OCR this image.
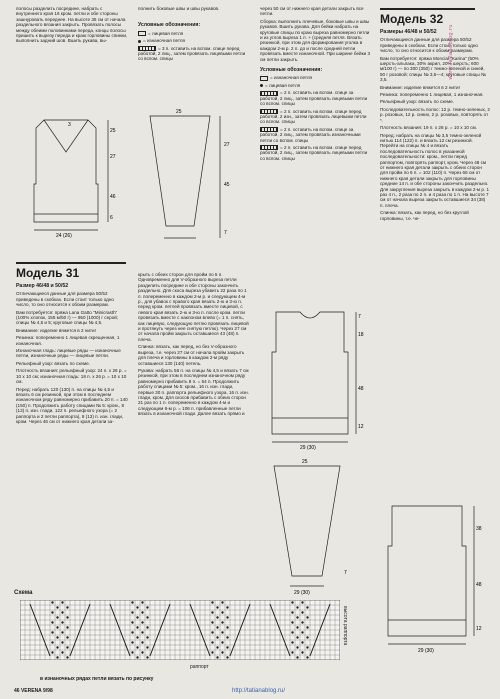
полосы разделить посредине, набрать с внутреннего края 16 кром. петли и обе стороны зашнуровать переднее. На высоте 35 см от начала раздельного вязания закрыть. Провязать полосы между обеими половинками переда, концы полосы пришить к вырезу переда и краю горловины спинки, выполнить задний шов. Вшить рукава, вы-

3
25
27
46
6
24 (26)

полнить боковые швы и швы рукавов.

Условные обозначения:

= лицевая петля

= изнаночная петля

= 3 п. оставить на вспом. спице перед работой, 2 лиц., затем провязать лицевыми петли со вспом. спицы

25
27
45
7

через 50 см от нижнего края детали закрыть все петли.

Сборка: выполнить плечевые, боковые швы и швы рукавов. Вшить рукава. Для бейки набрать на круговые спицы по краю выреза равномерно петли и из углов выреза 1 п. + (средняя петля. Вязать резинкой, при этом для формирования уголка в каждом 2-м р. 2 п. до и после средней петли провязать вместе изнаночной. При ширине бейки 3 см петли закрыть.

Условные обозначения:

= изнаночная петля

= лицевая петля

= 2 п. оставить на вспом. спице за работой, 2 лиц., затем провязать лицевыми петли со вспом. спицы

= 2 п. оставить на вспом. спице перед работой, 2 изн., затем провязать лицевыми петли со вспом. спицы

= 2 п. оставить на вспом. спице за работой, 2 лиц., затем провязать изнаночными петли со вспом. спицы

= 2 п. оставить на вспом. спице перед работой, 2 лиц., затем провязать лицевыми петли со вспом. спицы

Модель 32

Размеры 46/48 и 50/52

Отличающиеся данные для размера 50/52 приведены в скобках. Если стоит только одно число, то оно относится к обоим размерам.

Вам потребуется: пряжа Moncial "Karina" (50% шерсть-альпака, 30% акрил, 20% шерсть; 600 м/100 г) — по 300 (350) г темно-зеленой и синей, 50 г розовой; спицы № 3,5—4; круговые спицы № 3,5.

Внимание: изделие вяжется в 2 нити!

Резинка: попеременно 1 лицевая, 1 изнаночная.

Рельефный узор: вязать по схеме.

Последовательность полос: 12 р. темно-зеленых, 2 р. розовых, 12 р. синих, 2 р. розовых, повторять от *.

Плотность вязания: 19 п. х 28 р. = 10 х 10 см.

Перед: набрать на спицы № 3,5 темно-зеленой нитью 114 (122) п. и вязать 12 см резинкой. Перейти на спицы № 4 и вязать последовательность полос в указанной последовательности: кром., петли перед раппортом, повторять раппорт, кром. Через 48 см от нижнего края детали закрыть с обеих сторон для пройм по 6 п. = 102 (110) п. Через 66 см от нижнего края детали закрыть для горловины средние 14 п. и обе стороны закончить раздельно. Для закругления выреза закрыть в каждом 2-м р. 1 раз 4 п., 2 раза по 2 п. и 4 раза по 1 п. На высоте 7 см от начала выреза закрыть оставшиеся 34 (38) п. плеча.

Спинка: вязать, как перед, но без круглой горловины, т.е. че-

Модель 31

Размер 46/48 и 50/52

Отличающиеся данные для размера 50/52 приведены в скобках. Если стоит только одно число, то оно относится к обоим размерам.

Вам потребуется: пряжа Lana Gatto "Minicrasth" (100% хлопок, 155 м/50 г) — 950 (1000) г серой; спицы № 4,5 и 5; круговые спицы № 4,5.

Внимание: изделие вяжется в 2 нити!

Резинка: попеременно 1 лицевая скрещенная, 1 изнаночная.

Изнаночная гладь: лицевые ряды — изнаночные петли, изнаночные ряды — лицевые петли.

Рельефный узор: вязать по схеме.

Плотность вязания: рельефный узор: 24 п. х 26 р. = 10 х 10 см; изнаночная гладь: 18 п. х 26 р. = 10 х 10 см.

Перед: набрать 120 (130) п. на спицы № 4,5 и вязать 6 см резинкой, при этом в последнем изнаночном ряду равномерно прибавить 20 п. = 140 (150) п. Продолжить работу спицами № 5: кром., 8 (13) п. изн. глади, 122 п. рельефного узора (= 2 раппорта и 2 петли раппорта), 8 (13) п. изн. глади, кром. Через 46 см от нижнего края детали за-

крыть с обеих сторон для пройм по 5 п. Одновременно для V-образного выреза петли разделить посредине и обе стороны закончить раздельно. Для скоса выреза убавить 22 раза по 1 п. попеременно в каждом 2-м р. и следующем 4-м р., для убавок с правого края вязать 2-ю и 3-ю п. перед кром. петлей провязать вместе лицевой, с левого края вязать 2-ю и 3-ю п. после кром. петли провязать вместе с наклоном влево (= 1 п. снять, как лицевую, следующую петлю провязать лицевой и протянуть через нее снятую петлю). Через 27 см от начала пройм закрыть оставшиеся 43 (48) п. плеча.

Спинка: вязать, как перед, но без V-образного выреза, т.е. через 27 см от начала пройм закрыть для плеча и горловины в каждом 2-м ряду оставшиеся 130 (140) петель.

Рукава: набрать 56 п. на спицы № 4,5 и вязать 7 см резинкой, при этом в последнем изнаночном ряду равномерно прибавить 8 п. = 64 п. Продолжить работу спицами № 5: кром., 16 п. изн. глади, первые 30 п. раппорта рельефного узора, 16 п. изн. глади, кром. Для скосов прибавить с обеих сторон 21 раз по 1 п. попеременно в каждом 4-м и следующем 6-м р. = 106 п. прибавленные петли вязать в изнаночной глади. Далее вязать прямо и

7
18
48
12
29 (30)
25
29 (30)
7
38
48
12
29 (30)
Схема
раппорт
высота раппорта
в изнаночных рядах петли вязать по рисунку
46 VERENA 9/98	http://tatianablog.ru/
www.tatianablog.ru
